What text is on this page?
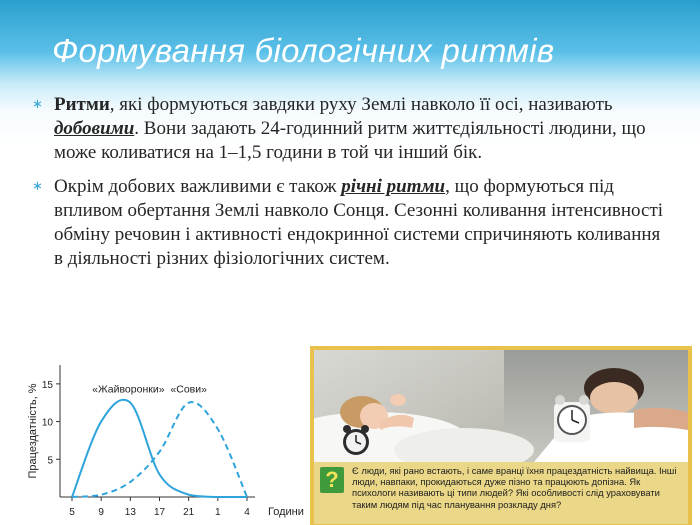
Формування біологічних ритмів

∗ Ритми, які формуються завдяки руху Землі навколо її осі, називають добовими. Вони задають 24-годинний ритм життєдіяльності людини, що може коливатися на 1–1,5 години в той чи інший бік.

∗ Окрім добових важливими є також річні ритми, що формуються під впливом обертання Землі навколо Сонця. Сезонні коливання інтенсивності обміну речовин і активності ендокринної системи спричиняють коливання в діяльності різних фізіологічних систем.

5
10
15
5 9 13 17 21 1 4 Години
Працездатність, %	«Жайворонки» «Сови»
?	Є люди, які рано встають, і саме вранці їхня працездатність найвища. Інші люди, навпаки, прокидаються дуже пізно та працюють допізна. Як психологи називають ці типи людей? Які особливості слід ураховувати таким людям під час планування розкладу дня?
